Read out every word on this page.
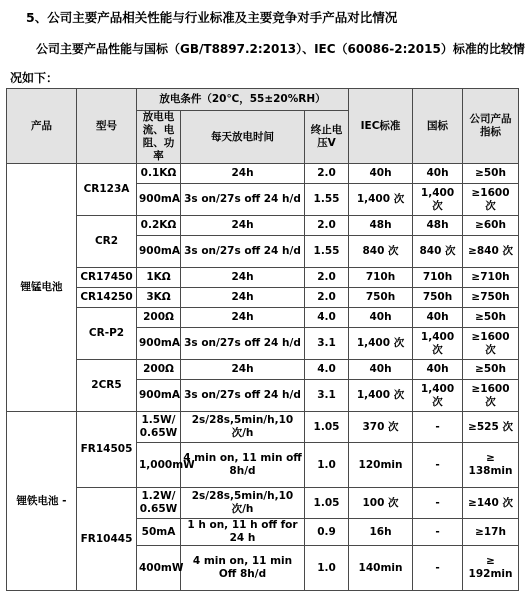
5、公司主要产品相关性能与行业标准及主要竞争对手产品对比情况
公司主要产品性能与国标（GB/T8897.2:2013）、IEC（60086-2:2015）标准的比较情
况如下：
产品	型号	放电条件（20℃，55±20%RH）			IEC标准	国标	公司产品指标
		放电电流、电阻、功率	每天放电时间	终止电压V			
锂锰电池	CR123A	0.1KΩ	24h	2.0	40h	40h	≥50h
		900mA	3s on/27s off 24 h/d	1.55	1,400 次	1,400 次	≥1600 次
	CR2	0.2KΩ	24h	2.0	48h	48h	≥60h
		900mA	3s on/27s off 24 h/d	1.55	840 次	840 次	≥840 次
	CR17450	1KΩ	24h	2.0	710h	710h	≥710h
	CR14250	3KΩ	24h	2.0	750h	750h	≥750h
	CR-P2	200Ω	24h	4.0	40h	40h	≥50h
		900mA	3s on/27s off 24 h/d	3.1	1,400 次	1,400 次	≥1600 次
	2CR5	200Ω	24h	4.0	40h	40h	≥50h
		900mA	3s on/27s off 24 h/d	3.1	1,400 次	1,400 次	≥1600 次
锂铁电池 -	FR14505	1.5W/ 0.65W	2s/28s,5min/h,10 次/h	1.05	370 次	-	≥525 次
		1,000mW	4 min on, 11 min off 8h/d	1.0	120min	-	≥ 138min
	FR10445	1.2W/ 0.65W	2s/28s,5min/h,10 次/h	1.05	100 次	-	≥140 次
		50mA	1 h on, 11 h off for 24 h	0.9	16h	-	≥17h
		400mW	4 min on, 11 min Off 8h/d	1.0	140min	-	≥ 192min
